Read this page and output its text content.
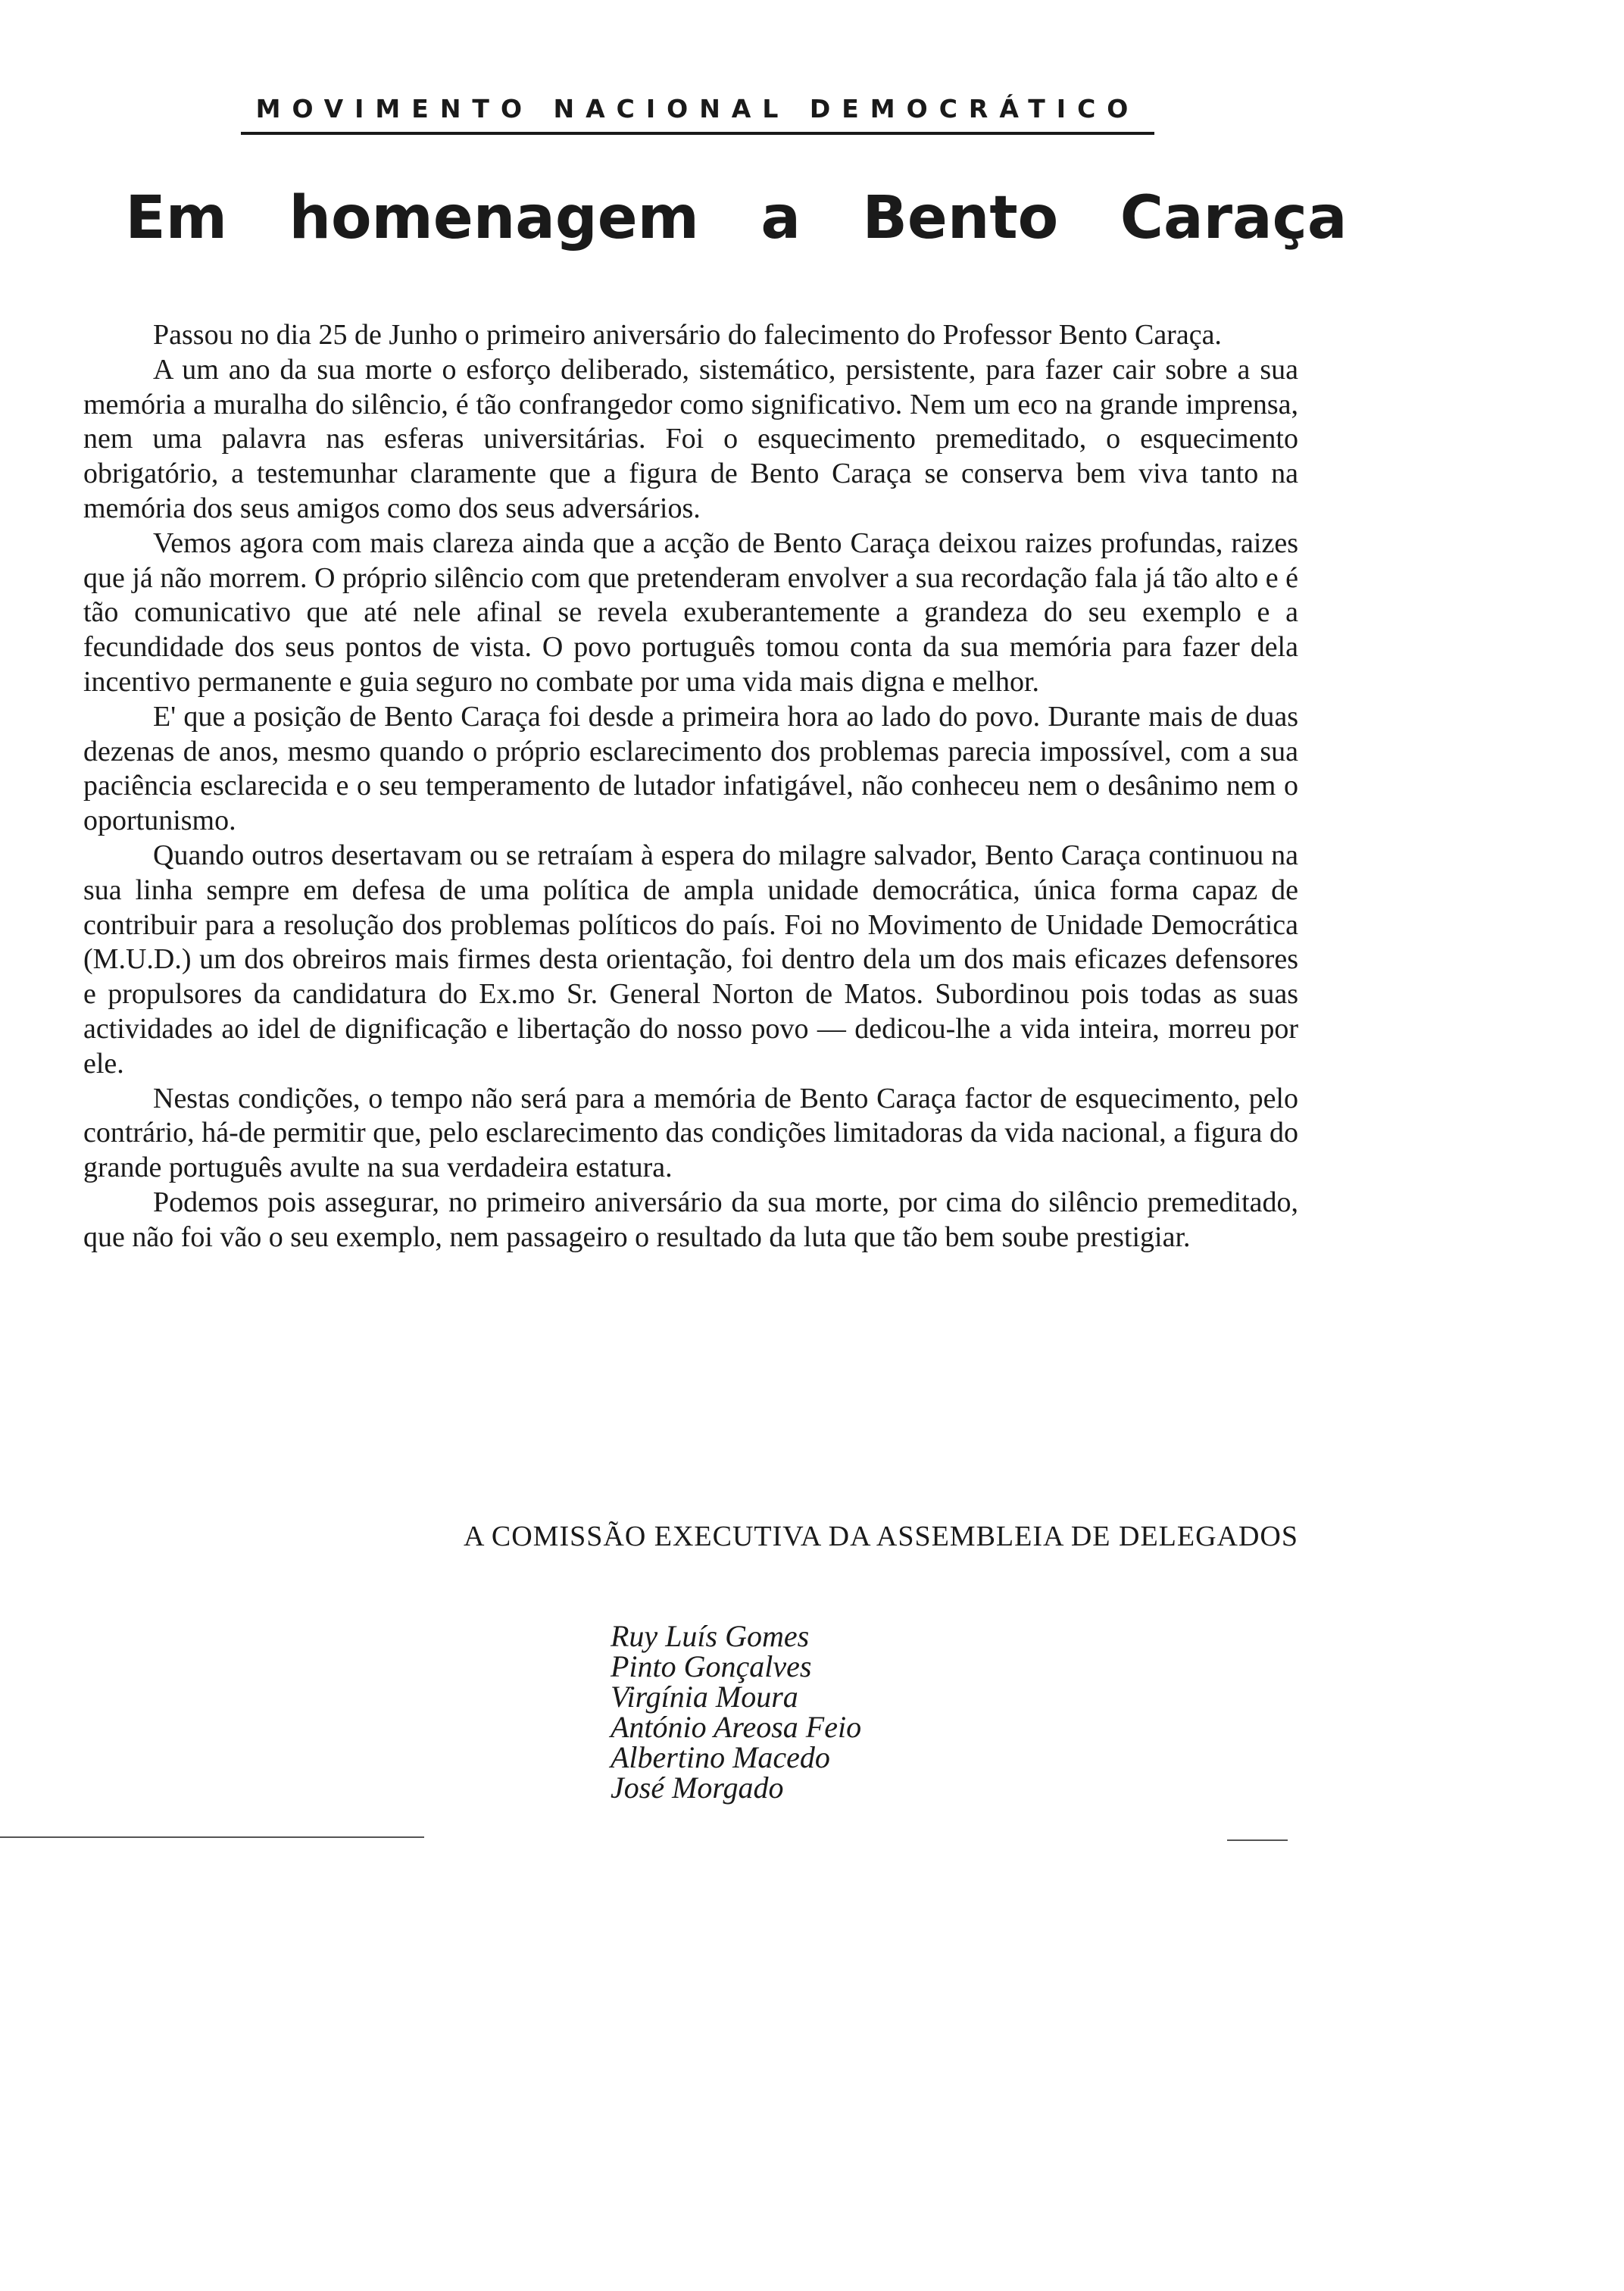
MOVIMENTO NACIONAL DEMOCRÁTICO
Em   homenagem   a   Bento   Caraça

Passou no dia 25 de Junho o primeiro aniversário do falecimento do Professor Bento Caraça.

A um ano da sua morte o esforço deliberado, sistemático, persistente, para fazer cair sobre a sua memória a muralha do silêncio, é tão confrangedor como significativo. Nem um eco na grande imprensa, nem uma palavra nas esferas universitárias. Foi o esquecimento premeditado, o esquecimento obrigatório, a testemunhar claramente que a figura de Bento Caraça se conserva bem viva tanto na memória dos seus amigos como dos seus adversários.

Vemos agora com mais clareza ainda que a acção de Bento Caraça deixou raizes profundas, raizes que já não morrem. O próprio silêncio com que pretenderam envolver a sua recordação fala já tão alto e é tão comunicativo que até nele afinal se revela exuberantemente a grandeza do seu exemplo e a fecundidade dos seus pontos de vista. O povo português tomou conta da sua memória para fazer dela incentivo permanente e guia seguro no combate por uma vida mais digna e melhor.

E' que a posição de Bento Caraça foi desde a primeira hora ao lado do povo. Durante mais de duas dezenas de anos, mesmo quando o próprio esclarecimento dos problemas parecia impossível, com a sua paciência esclarecida e o seu temperamento de lutador infatigável, não conheceu nem o desânimo nem o oportunismo.

Quando outros desertavam ou se retraíam à espera do milagre salvador, Bento Caraça continuou na sua linha sempre em defesa de uma política de ampla unidade democrática, única forma capaz de contribuir para a resolução dos problemas políticos do país. Foi no Movimento de Unidade Democrática (M.U.D.) um dos obreiros mais firmes desta orientação, foi dentro dela um dos mais eficazes defensores e propulsores da candidatura do Ex.mo Sr. General Norton de Matos. Subordinou pois todas as suas actividades ao idel de dignificação e libertação do nosso povo — dedicou-lhe a vida inteira, morreu por ele.

Nestas condições, o tempo não será para a memória de Bento Caraça factor de esquecimento, pelo contrário, há-de permitir que, pelo esclarecimento das condições limitadoras da vida nacional, a figura do grande português avulte na sua verdadeira estatura.

Podemos pois assegurar, no primeiro aniversário da sua morte, por cima do silêncio premeditado, que não foi vão o seu exemplo, nem passageiro o resultado da luta que tão bem soube prestigiar.

A COMISSÃO EXECUTIVA DA ASSEMBLEIA DE DELEGADOS
Ruy Luís Gomes
Pinto Gonçalves
Virgínia Moura
António Areosa Feio
Albertino Macedo
José Morgado
